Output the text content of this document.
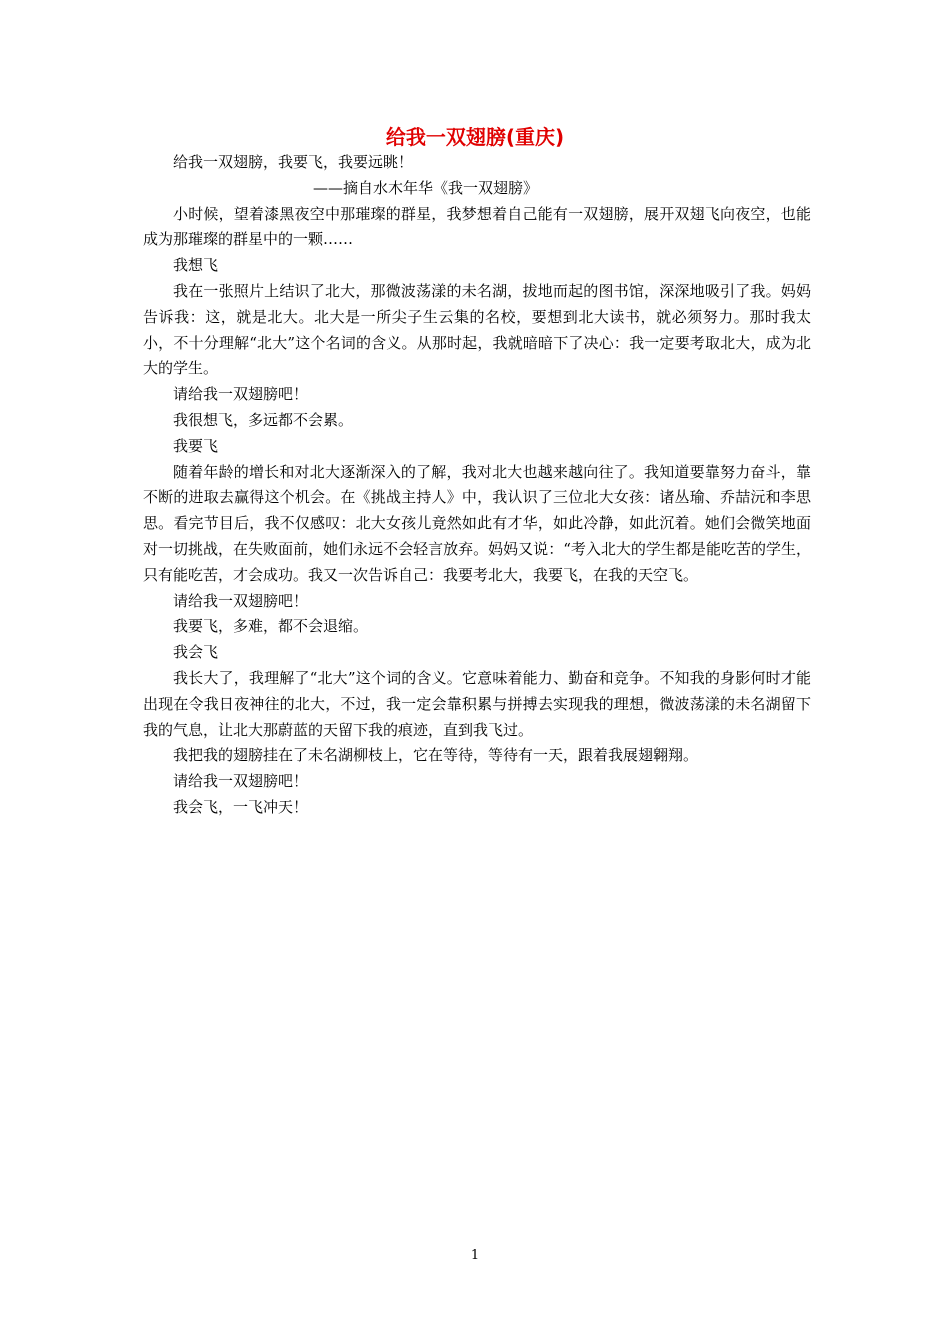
给我一双翅膀(重庆)

给我一双翅膀，我要飞，我要远眺！

——摘自水木年华《我一双翅膀》

小时候，望着漆黑夜空中那璀璨的群星，我梦想着自己能有一双翅膀，展开双翅飞向夜空，也能成为那璀璨的群星中的一颗……

我想飞

我在一张照片上结识了北大，那微波荡漾的未名湖，拔地而起的图书馆，深深地吸引了我。妈妈告诉我：这，就是北大。北大是一所尖子生云集的名校，要想到北大读书，就必须努力。那时我太小，不十分理解“北大”这个名词的含义。从那时起，我就暗暗下了决心：我一定要考取北大，成为北大的学生。

请给我一双翅膀吧！

我很想飞，多远都不会累。

我要飞

随着年龄的增长和对北大逐渐深入的了解，我对北大也越来越向往了。我知道要靠努力奋斗，靠不断的进取去赢得这个机会。在《挑战主持人》中，我认识了三位北大女孩：诸丛瑜、乔喆沅和李思思。看完节目后，我不仅感叹：北大女孩儿竟然如此有才华，如此冷静，如此沉着。她们会微笑地面对一切挑战，在失败面前，她们永远不会轻言放弃。妈妈又说：“考入北大的学生都是能吃苦的学生，只有能吃苦，才会成功。我又一次告诉自己：我要考北大，我要飞，在我的天空飞。

请给我一双翅膀吧！

我要飞，多难，都不会退缩。

我会飞

我长大了，我理解了“北大”这个词的含义。它意味着能力、勤奋和竞争。不知我的身影何时才能出现在令我日夜神往的北大，不过，我一定会靠积累与拼搏去实现我的理想，微波荡漾的未名湖留下我的气息，让北大那蔚蓝的天留下我的痕迹，直到我飞过。

我把我的翅膀挂在了未名湖柳枝上，它在等待，等待有一天，跟着我展翅翱翔。

请给我一双翅膀吧！

我会飞，一飞冲天！

1
